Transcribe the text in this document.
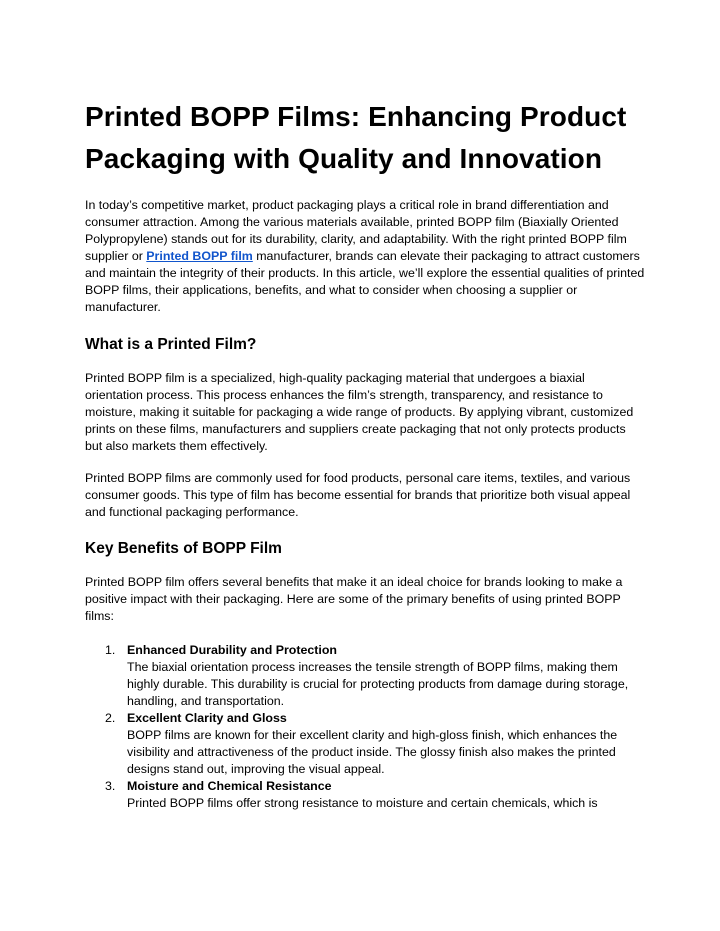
Printed BOPP Films: Enhancing Product Packaging with Quality and Innovation

In today’s competitive market, product packaging plays a critical role in brand differentiation and consumer attraction. Among the various materials available, printed BOPP film (Biaxially Oriented Polypropylene) stands out for its durability, clarity, and adaptability. With the right printed BOPP film supplier or Printed BOPP film manufacturer, brands can elevate their packaging to attract customers and maintain the integrity of their products. In this article, we’ll explore the essential qualities of printed BOPP films, their applications, benefits, and what to consider when choosing a supplier or manufacturer.

What is a Printed Film?

Printed BOPP film is a specialized, high-quality packaging material that undergoes a biaxial orientation process. This process enhances the film’s strength, transparency, and resistance to moisture, making it suitable for packaging a wide range of products. By applying vibrant, customized prints on these films, manufacturers and suppliers create packaging that not only protects products but also markets them effectively.

Printed BOPP films are commonly used for food products, personal care items, textiles, and various consumer goods. This type of film has become essential for brands that prioritize both visual appeal and functional packaging performance.

Key Benefits of BOPP Film

Printed BOPP film offers several benefits that make it an ideal choice for brands looking to make a positive impact with their packaging. Here are some of the primary benefits of using printed BOPP films:

1. Enhanced Durability and Protection
The biaxial orientation process increases the tensile strength of BOPP films, making them highly durable. This durability is crucial for protecting products from damage during storage, handling, and transportation.
2. Excellent Clarity and Gloss
BOPP films are known for their excellent clarity and high-gloss finish, which enhances the visibility and attractiveness of the product inside. The glossy finish also makes the printed designs stand out, improving the visual appeal.
3. Moisture and Chemical Resistance
Printed BOPP films offer strong resistance to moisture and certain chemicals, which is
